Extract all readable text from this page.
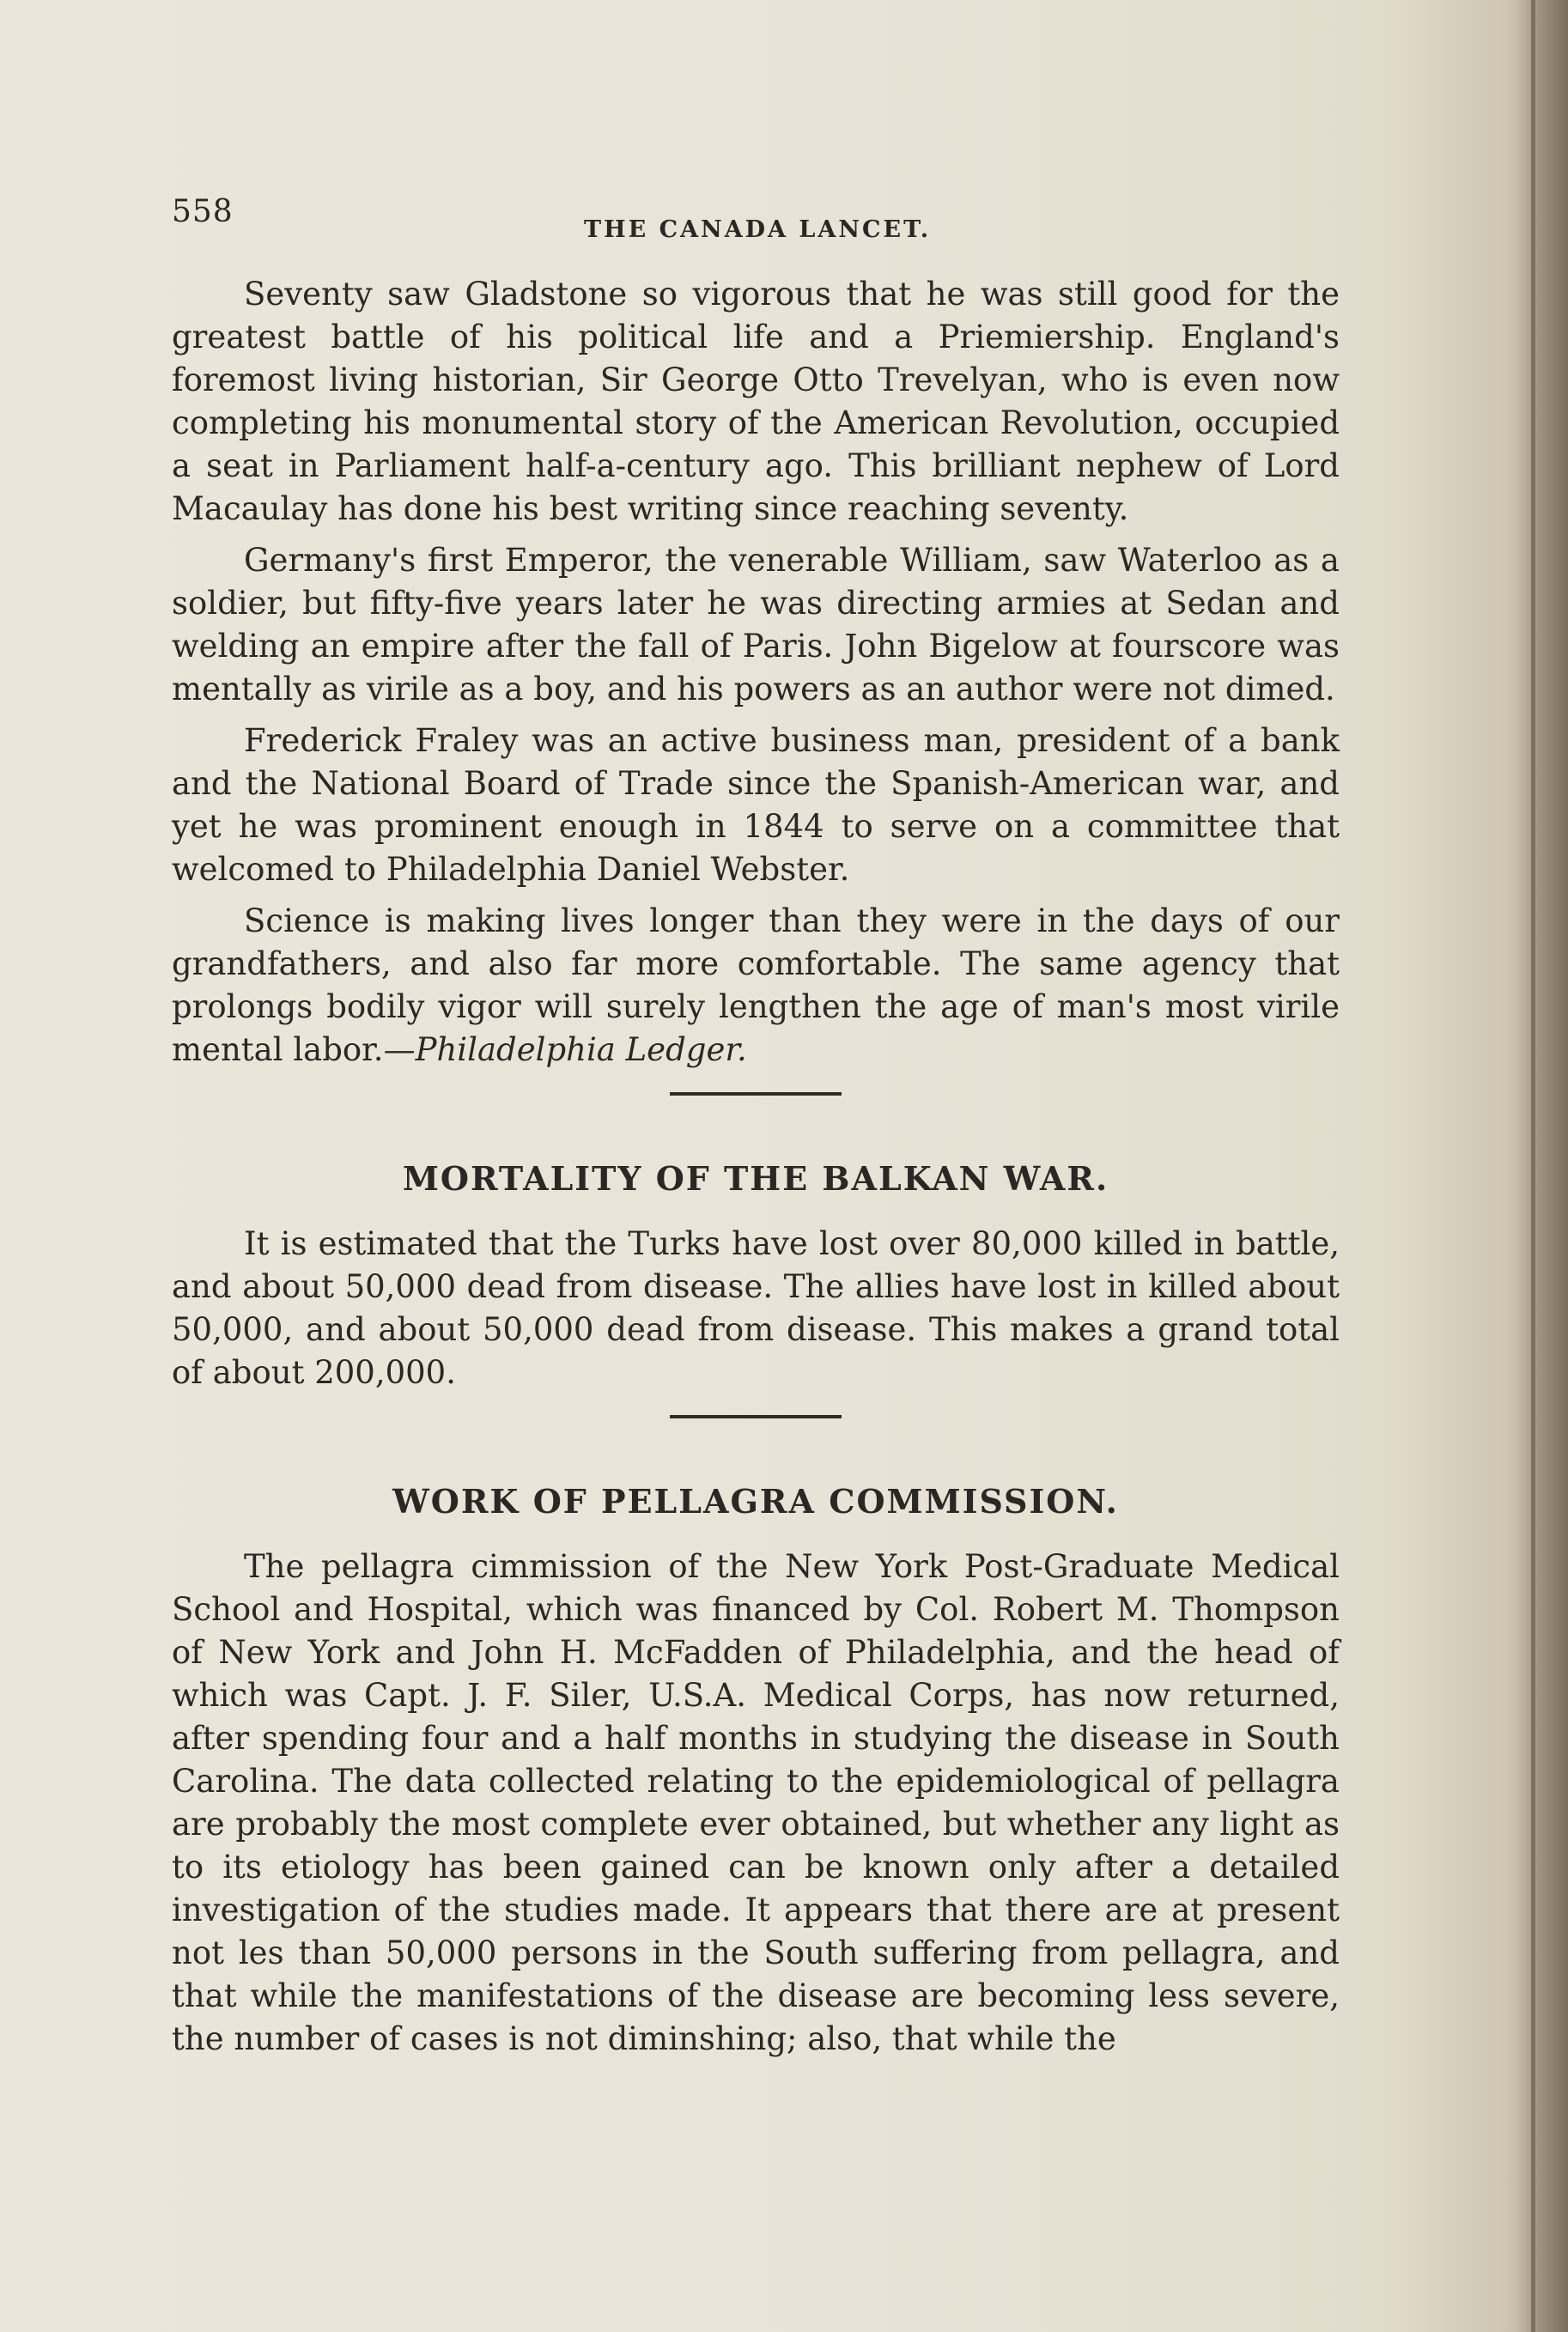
558
THE CANADA LANCET.

Seventy saw Gladstone so vigorous that he was still good for the greatest battle of his political life and a Priemiership. England's foremost living historian, Sir George Otto Trevelyan, who is even now completing his monumental story of the American Revolution, occupied a seat in Parliament half-a-century ago. This brilliant nephew of Lord Macaulay has done his best writing since reaching seventy.

Germany's first Emperor, the venerable William, saw Waterloo as a soldier, but fifty-five years later he was directing armies at Sedan and welding an empire after the fall of Paris. John Bigelow at fourscore was mentally as virile as a boy, and his powers as an author were not dimed.

Frederick Fraley was an active business man, president of a bank and the National Board of Trade since the Spanish-American war, and yet he was prominent enough in 1844 to serve on a committee that welcomed to Philadelphia Daniel Webster.

Science is making lives longer than they were in the days of our grandfathers, and also far more comfortable. The same agency that prolongs bodily vigor will surely lengthen the age of man's most virile mental labor.—Philadelphia Ledger.

MORTALITY OF THE BALKAN WAR.

It is estimated that the Turks have lost over 80,000 killed in battle, and about 50,000 dead from disease. The allies have lost in killed about 50,000, and about 50,000 dead from disease. This makes a grand total of about 200,000.

WORK OF PELLAGRA COMMISSION.

The pellagra cimmission of the New York Post-Graduate Medical School and Hospital, which was financed by Col. Robert M. Thompson of New York and John H. McFadden of Philadelphia, and the head of which was Capt. J. F. Siler, U.S.A. Medical Corps, has now returned, after spending four and a half months in studying the disease in South Carolina. The data collected relating to the epidemiological of pellagra are probably the most complete ever obtained, but whether any light as to its etiology has been gained can be known only after a detailed investigation of the studies made. It appears that there are at present not les than 50,000 persons in the South suffering from pellagra, and that while the manifestations of the disease are becoming less severe, the number of cases is not diminshing; also, that while the
